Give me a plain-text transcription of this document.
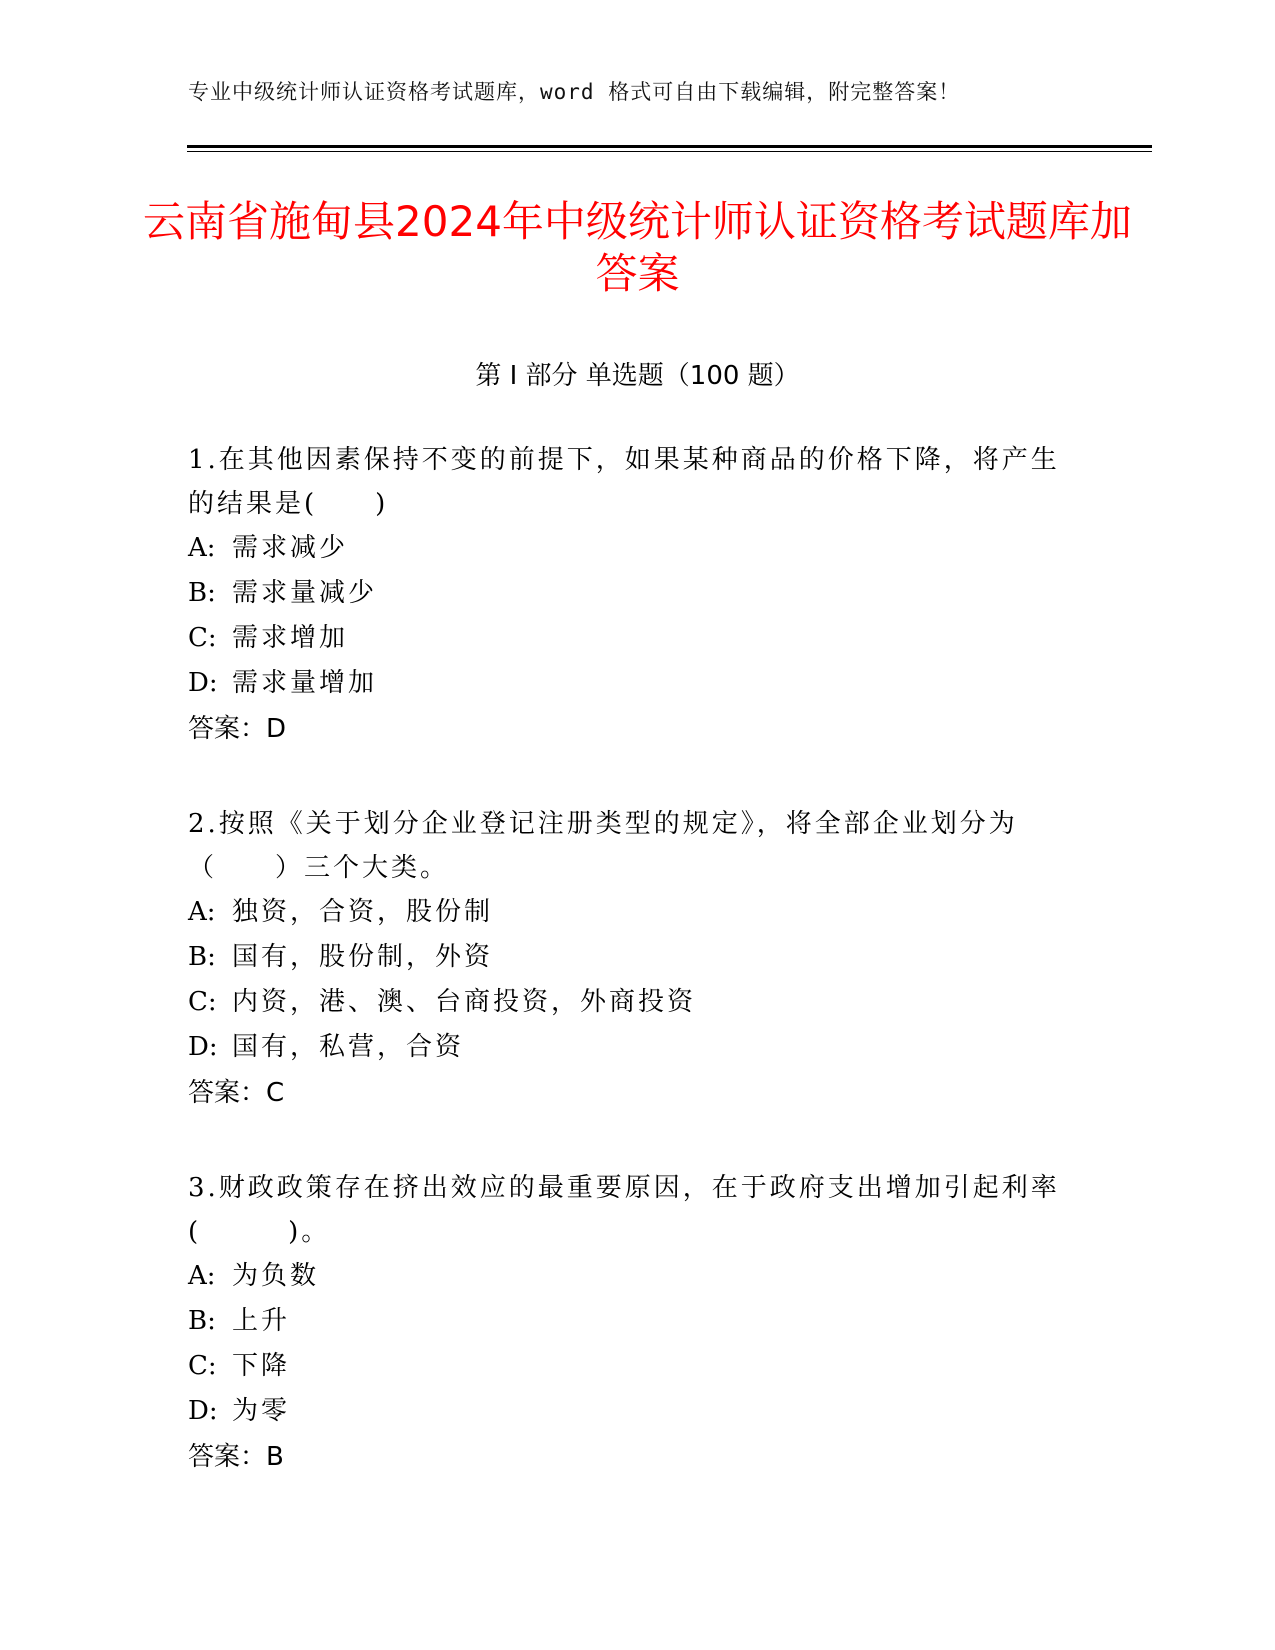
专业中级统计师认证资格考试题库，word 格式可自由下载编辑，附完整答案！
云南省施甸县2024年中级统计师认证资格考试题库加答案
第 I 部分 单选题（100 题）
1.在其他因素保持不变的前提下，如果某种商品的价格下降，将产生的结果是(　　)
A: 需求减少
B: 需求量减少
C: 需求增加
D: 需求量增加
答案：D
2.按照《关于划分企业登记注册类型的规定》，将全部企业划分为（　　）三个大类。
A: 独资，合资，股份制
B: 国有，股份制，外资
C: 内资，港、澳、台商投资，外商投资
D: 国有，私营，合资
答案：C
3.财政政策存在挤出效应的最重要原因，在于政府支出增加引起利率(　　　)。
A: 为负数
B: 上升
C: 下降
D: 为零
答案：B
